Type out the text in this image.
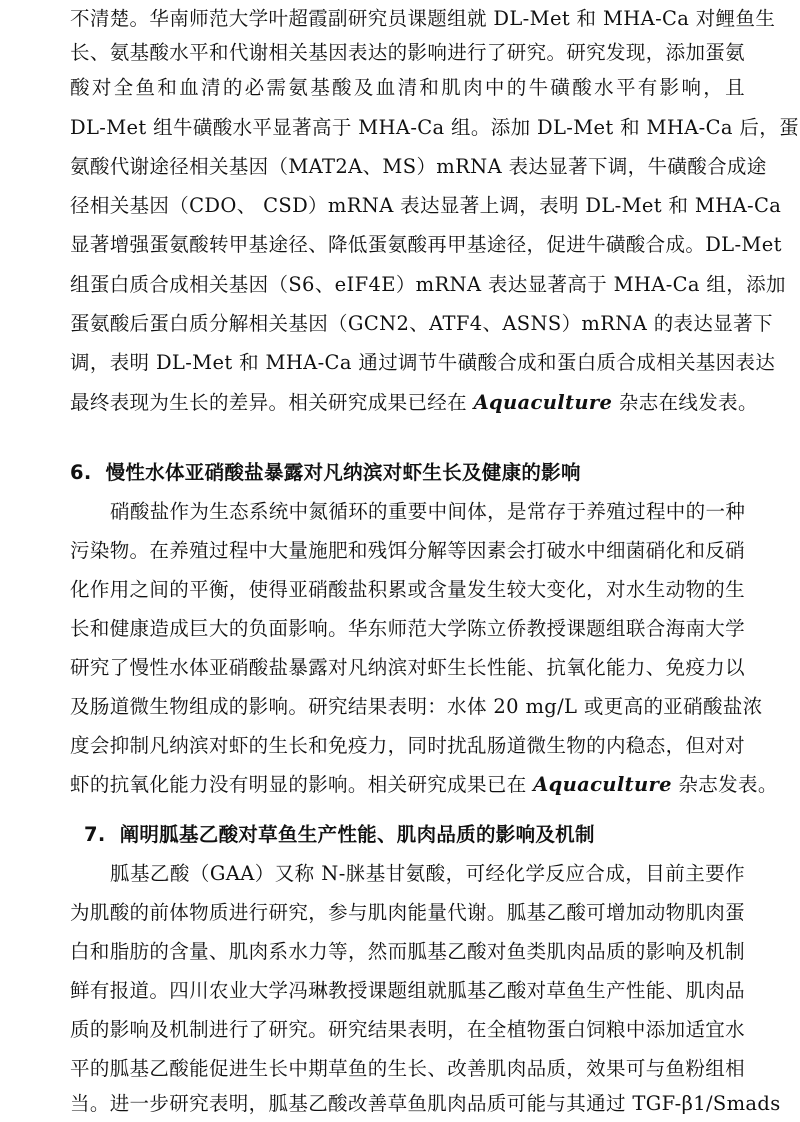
不清楚。华南师范大学叶超霞副研究员课题组就 DL-Met 和 MHA-Ca 对鲤鱼生
长、氨基酸水平和代谢相关基因表达的影响进行了研究。研究发现，添加蛋氨
酸对全鱼和血清的必需氨基酸及血清和肌肉中的牛磺酸水平有影响，且
DL-Met 组牛磺酸水平显著高于 MHA-Ca 组。添加 DL-Met 和 MHA-Ca 后，蛋
氨酸代谢途径相关基因（MAT2A、MS）mRNA 表达显著下调，牛磺酸合成途
径相关基因（CDO、 CSD）mRNA 表达显著上调，表明 DL-Met 和 MHA-Ca
显著增强蛋氨酸转甲基途径、降低蛋氨酸再甲基途径，促进牛磺酸合成。DL-Met
组蛋白质合成相关基因（S6、eIF4E）mRNA 表达显著高于 MHA-Ca 组，添加
蛋氨酸后蛋白质分解相关基因（GCN2、ATF4、ASNS）mRNA 的表达显著下
调，表明 DL-Met 和 MHA-Ca 通过调节牛磺酸合成和蛋白质合成相关基因表达
最终表现为生长的差异。相关研究成果已经在 Aquaculture 杂志在线发表。
6. 慢性水体亚硝酸盐暴露对凡纳滨对虾生长及健康的影响
硝酸盐作为生态系统中氮循环的重要中间体，是常存于养殖过程中的一种
污染物。在养殖过程中大量施肥和残饵分解等因素会打破水中细菌硝化和反硝
化作用之间的平衡，使得亚硝酸盐积累或含量发生较大变化，对水生动物的生
长和健康造成巨大的负面影响。华东师范大学陈立侨教授课题组联合海南大学
研究了慢性水体亚硝酸盐暴露对凡纳滨对虾生长性能、抗氧化能力、免疫力以
及肠道微生物组成的影响。研究结果表明：水体 20 mg/L 或更高的亚硝酸盐浓
度会抑制凡纳滨对虾的生长和免疫力，同时扰乱肠道微生物的内稳态，但对对
虾的抗氧化能力没有明显的影响。相关研究成果已在 Aquaculture 杂志发表。
7. 阐明胍基乙酸对草鱼生产性能、肌肉品质的影响及机制
胍基乙酸（GAA）又称 N-脒基甘氨酸，可经化学反应合成，目前主要作
为肌酸的前体物质进行研究，参与肌肉能量代谢。胍基乙酸可增加动物肌肉蛋
白和脂肪的含量、肌肉系水力等，然而胍基乙酸对鱼类肌肉品质的影响及机制
鲜有报道。四川农业大学冯琳教授课题组就胍基乙酸对草鱼生产性能、肌肉品
质的影响及机制进行了研究。研究结果表明，在全植物蛋白饲粮中添加适宜水
平的胍基乙酸能促进生长中期草鱼的生长、改善肌肉品质，效果可与鱼粉组相
当。进一步研究表明，胍基乙酸改善草鱼肌肉品质可能与其通过 TGF-β1/Smads
